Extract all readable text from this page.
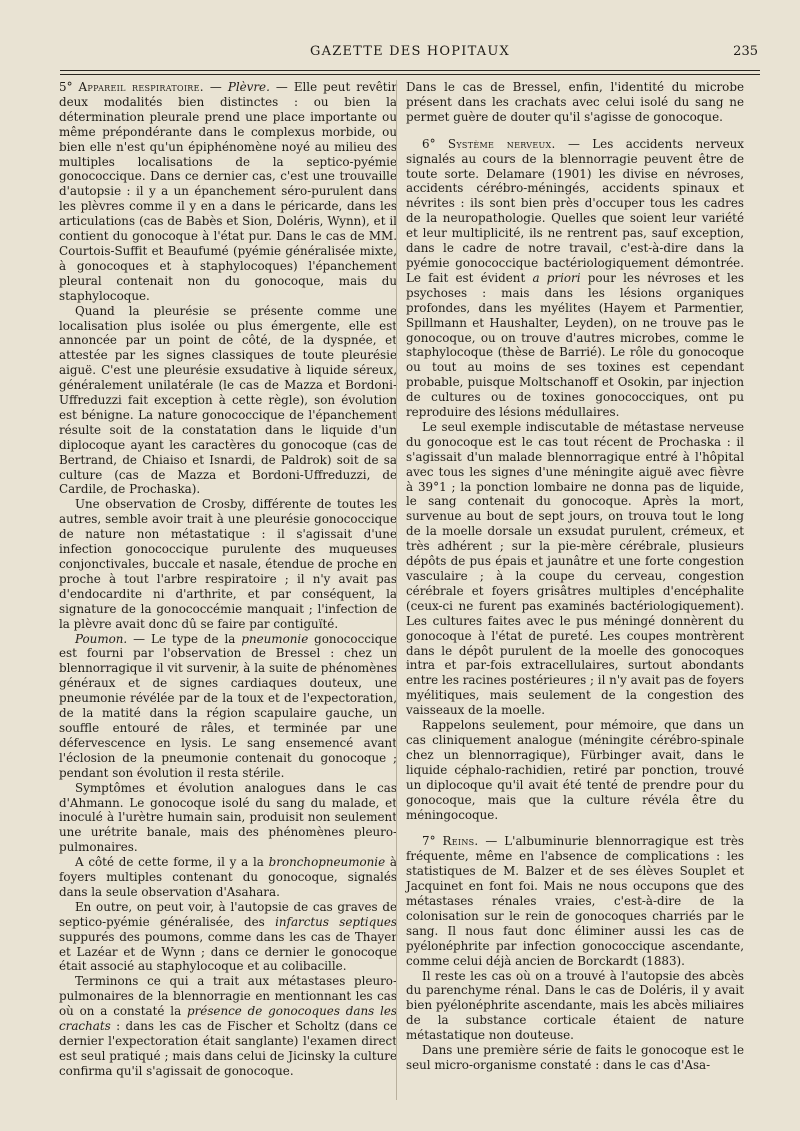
GAZETTE DES HOPITAUX	235

5° Appareil respiratoire. — Plèvre. — Elle peut revêtir deux modalités bien distinctes : ou bien la détermination pleurale prend une place importante ou même prépondérante dans le complexus morbide, ou bien elle n'est qu'un épiphénomène noyé au milieu des multiples localisations de la septico-pyémie gonococcique. Dans ce dernier cas, c'est une trouvaille d'autopsie : il y a un épanchement séro-purulent dans les plèvres comme il y en a dans le péricarde, dans les articulations (cas de Babès et Sion, Doléris, Wynn), et il contient du gonocoque à l'état pur. Dans le cas de MM. Courtois-Suffit et Beaufumé (pyémie généralisée mixte, à gonocoques et à staphylocoques) l'épanchement pleural contenait non du gonocoque, mais du staphylocoque.

Quand la pleurésie se présente comme une localisation plus isolée ou plus émergente, elle est annoncée par un point de côté, de la dyspnée, et attestée par les signes classiques de toute pleurésie aiguë. C'est une pleurésie exsudative à liquide séreux, généralement unilatérale (le cas de Mazza et Bordoni-Uffreduzzi fait exception à cette règle), son évolution est bénigne. La nature gonococcique de l'épanchement résulte soit de la constatation dans le liquide d'un diplocoque ayant les caractères du gonocoque (cas de Bertrand, de Chiaiso et Isnardi, de Paldrok) soit de sa culture (cas de Mazza et Bordoni-Uffreduzzi, de Cardile, de Prochaska).

Une observation de Crosby, différente de toutes les autres, semble avoir trait à une pleurésie gonococcique de nature non métastatique : il s'agissait d'une infection gonococcique purulente des muqueuses conjonctivales, buccale et nasale, étendue de proche en proche à tout l'arbre respiratoire ; il n'y avait pas d'endocardite ni d'arthrite, et par conséquent, la signature de la gonococcémie manquait ; l'infection de la plèvre avait donc dû se faire par contiguïté.

Poumon. — Le type de la pneumonie gonococcique est fourni par l'observation de Bressel : chez un blennorragique il vit survenir, à la suite de phénomènes généraux et de signes cardiaques douteux, une pneumonie révélée par de la toux et de l'expectoration, de la matité dans la région scapulaire gauche, un souffle entouré de râles, et terminée par une défervescence en lysis. Le sang ensemencé avant l'éclosion de la pneumonie contenait du gonocoque ; pendant son évolution il resta stérile.

Symptômes et évolution analogues dans le cas d'Ahmann. Le gonocoque isolé du sang du malade, et inoculé à l'urètre humain sain, produisit non seulement une urétrite banale, mais des phénomènes pleuro-pulmonaires.

A côté de cette forme, il y a la bronchopneumonie à foyers multiples contenant du gonocoque, signalés dans la seule observation d'Asahara.

En outre, on peut voir, à l'autopsie de cas graves de septico-pyémie généralisée, des infarctus septiques suppurés des poumons, comme dans les cas de Thayer et Lazéar et de Wynn ; dans ce dernier le gonocoque était associé au staphylocoque et au colibacille.

Terminons ce qui a trait aux métastases pleuro-pulmonaires de la blennorragie en mentionnant les cas où on a constaté la présence de gonocoques dans les crachats : dans les cas de Fischer et Scholtz (dans ce dernier l'expectoration était sanglante) l'examen direct est seul pratiqué ; mais dans celui de Jicinsky la culture confirma qu'il s'agissait de gonocoque.

Dans le cas de Bressel, enfin, l'identité du microbe présent dans les crachats avec celui isolé du sang ne permet guère de douter qu'il s'agisse de gonocoque.

6° Système nerveux. — Les accidents nerveux signalés au cours de la blennorragie peuvent être de toute sorte. Delamare (1901) les divise en névroses, accidents cérébro-méningés, accidents spinaux et névrites : ils sont bien près d'occuper tous les cadres de la neuropathologie. Quelles que soient leur variété et leur multiplicité, ils ne rentrent pas, sauf exception, dans le cadre de notre travail, c'est-à-dire dans la pyémie gonococcique bactériologiquement démontrée. Le fait est évident a priori pour les névroses et les psychoses : mais dans les lésions organiques profondes, dans les myélites (Hayem et Parmentier, Spillmann et Haushalter, Leyden), on ne trouve pas le gonocoque, ou on trouve d'autres microbes, comme le staphylocoque (thèse de Barrié). Le rôle du gonocoque ou tout au moins de ses toxines est cependant probable, puisque Moltschanoff et Osokin, par injection de cultures ou de toxines gonococciques, ont pu reproduire des lésions médullaires.

Le seul exemple indiscutable de métastase nerveuse du gonocoque est le cas tout récent de Prochaska : il s'agissait d'un malade blennorragique entré à l'hôpital avec tous les signes d'une méningite aiguë avec fièvre à 39°1 ; la ponction lombaire ne donna pas de liquide, le sang contenait du gonocoque. Après la mort, survenue au bout de sept jours, on trouva tout le long de la moelle dorsale un exsudat purulent, crémeux, et très adhérent ; sur la pie-mère cérébrale, plusieurs dépôts de pus épais et jaunâtre et une forte congestion vasculaire ; à la coupe du cerveau, congestion cérébrale et foyers grisâtres multiples d'encéphalite (ceux-ci ne furent pas examinés bactériologiquement). Les cultures faites avec le pus méningé donnèrent du gonocoque à l'état de pureté. Les coupes montrèrent dans le dépôt purulent de la moelle des gonocoques intra et par-fois extracellulaires, surtout abondants entre les racines postérieures ; il n'y avait pas de foyers myélitiques, mais seulement de la congestion des vaisseaux de la moelle.

Rappelons seulement, pour mémoire, que dans un cas cliniquement analogue (méningite cérébro-spinale chez un blennorragique), Fürbinger avait, dans le liquide céphalo-rachidien, retiré par ponction, trouvé un diplocoque qu'il avait été tenté de prendre pour du gonocoque, mais que la culture révéla être du méningocoque.

7° Reins. — L'albuminurie blennorragique est très fréquente, même en l'absence de complications : les statistiques de M. Balzer et de ses élèves Souplet et Jacquinet en font foi. Mais ne nous occupons que des métastases rénales vraies, c'est-à-dire de la colonisation sur le rein de gonocoques charriés par le sang. Il nous faut donc éliminer aussi les cas de pyélonéphrite par infection gonococcique ascendante, comme celui déjà ancien de Borckardt (1883).

Il reste les cas où on a trouvé à l'autopsie des abcès du parenchyme rénal. Dans le cas de Doléris, il y avait bien pyélonéphrite ascendante, mais les abcès miliaires de la substance corticale étaient de nature métastatique non douteuse.

Dans une première série de faits le gonocoque est le seul micro-organisme constaté : dans le cas d'Asa-
